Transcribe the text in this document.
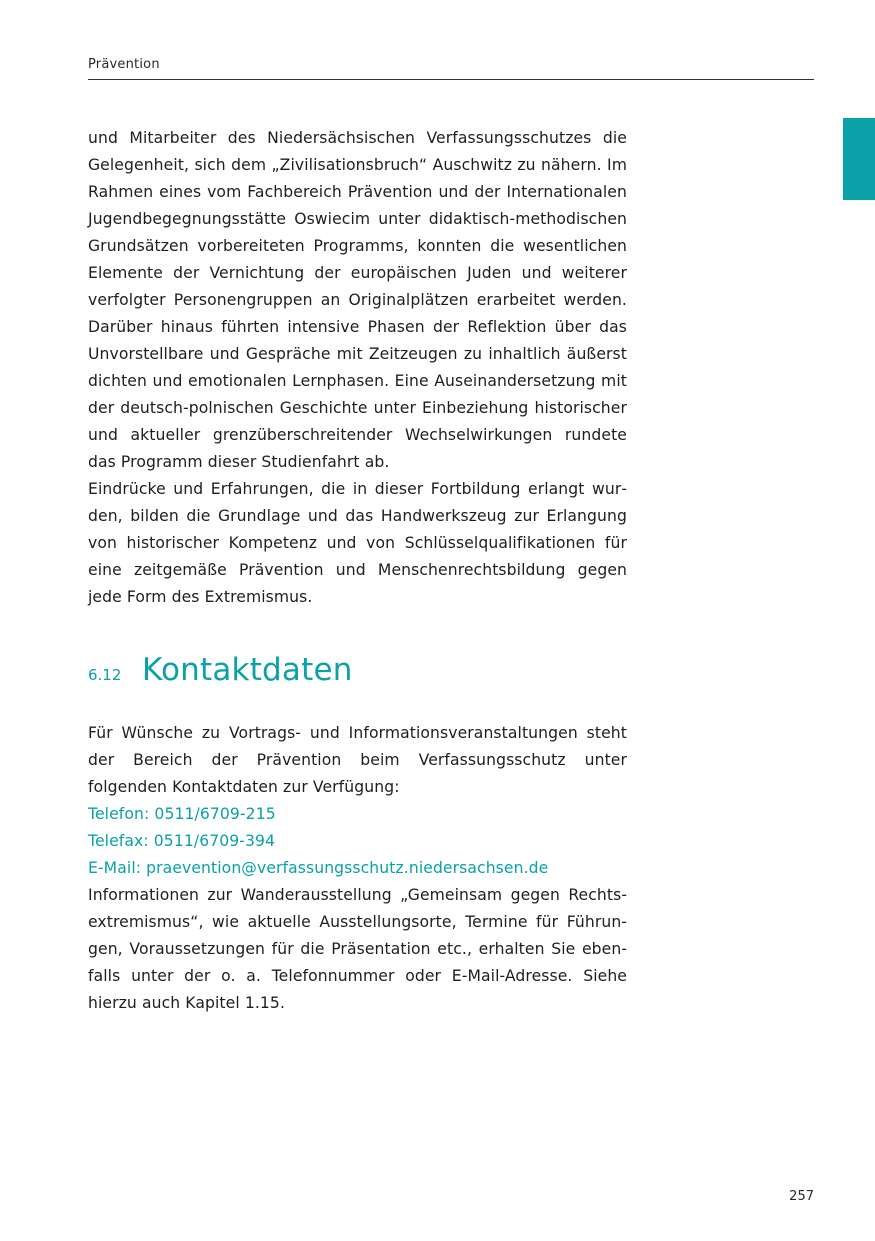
Prävention

und Mitarbeiter des Niedersächsischen Verfassungsschutzes die Gelegenheit, sich dem „Zivilisationsbruch“ Auschwitz zu nähern. Im Rahmen eines vom Fachbereich Prävention und der Internationalen Jugendbegegnungsstätte Oswiecim unter didaktisch-methodischen Grundsätzen vorbereiteten Programms, konnten die wesentlichen Elemente der Vernichtung der europäischen Juden und weiterer verfolgter Personengruppen an Originalplätzen erarbeitet werden. Darüber hinaus führten intensive Phasen der Reflektion über das Unvorstellbare und Gespräche mit Zeitzeugen zu inhaltlich äußerst dichten und emotionalen Lernphasen. Eine Auseinandersetzung mit der deutsch-polnischen Geschichte unter Einbeziehung historischer und aktueller grenzüberschreitender Wechselwirkungen rundete das Programm dieser Studienfahrt ab.

Eindrücke und Erfahrungen, die in dieser Fortbildung erlangt wurden, bilden die Grundlage und das Handwerkszeug zur Erlangung von historischer Kompetenz und von Schlüsselqualifikationen für eine zeitgemäße Prävention und Menschenrechtsbildung gegen jede Form des Extremismus.

6.12 Kontaktdaten

Für Wünsche zu Vortrags- und Informationsveranstaltungen steht der Bereich der Prävention beim Verfassungsschutz unter folgenden Kontaktdaten zur Verfügung:

Telefon: 0511/6709-215

Telefax: 0511/6709-394

E-Mail: praevention@verfassungsschutz.niedersachsen.de

Informationen zur Wanderausstellung „Gemeinsam gegen Rechtsextremismus“, wie aktuelle Ausstellungsorte, Termine für Führungen, Voraussetzungen für die Präsentation etc., erhalten Sie ebenfalls unter der o. a. Telefonnummer oder E-Mail-Adresse. Siehe hierzu auch Kapitel 1.15.

257
